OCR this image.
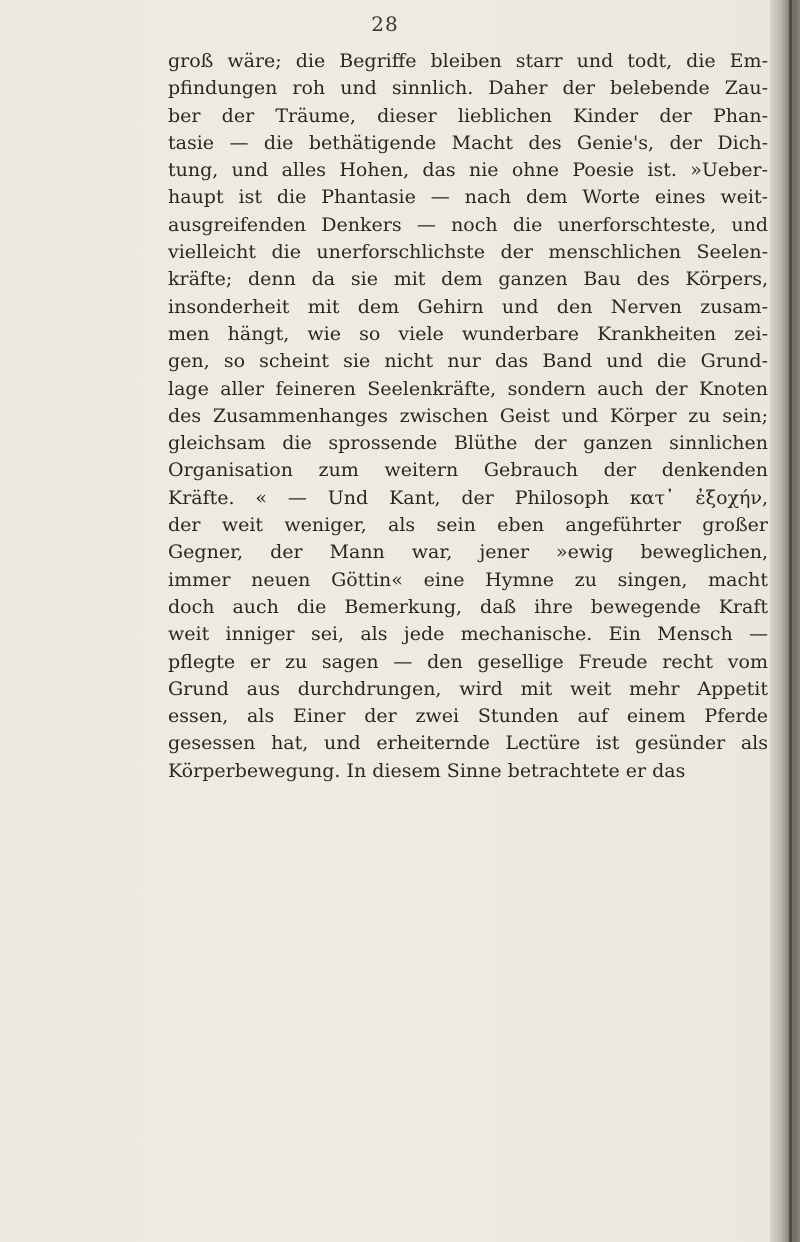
28
groß wäre; die Begriffe bleiben starr und todt, die Em-
pfindungen roh und sinnlich. Daher der belebende Zau-
ber der Träume, dieser lieblichen Kinder der Phan-
tasie — die bethätigende Macht des Genie's, der Dich-
tung, und alles Hohen, das nie ohne Poesie ist. »Ueber-
haupt ist die Phantasie — nach dem Worte eines weit-
ausgreifenden Denkers — noch die unerforschteste, und
vielleicht die unerforschlichste der menschlichen Seelen-
kräfte; denn da sie mit dem ganzen Bau des Körpers,
insonderheit mit dem Gehirn und den Nerven zusam-
men hängt, wie so viele wunderbare Krankheiten zei-
gen, so scheint sie nicht nur das Band und die Grund-
lage aller feineren Seelenkräfte, sondern auch der Knoten
des Zusammenhanges zwischen Geist und Körper zu sein;
gleichsam die sprossende Blüthe der ganzen sinnlichen
Organisation zum weitern Gebrauch der denkenden
Kräfte. « — Und Kant, der Philosoph κατ᾽ ἐξοχήν,
der weit weniger, als sein eben angeführter großer
Gegner, der Mann war, jener »ewig beweglichen,
immer neuen Göttin« eine Hymne zu singen, macht
doch auch die Bemerkung, daß ihre bewegende Kraft
weit inniger sei, als jede mechanische. Ein Mensch —
pflegte er zu sagen — den gesellige Freude recht vom
Grund aus durchdrungen, wird mit weit mehr Appetit
essen, als Einer der zwei Stunden auf einem Pferde
gesessen hat, und erheiternde Lectüre ist gesünder als
Körperbewegung. In diesem Sinne betrachtete er das
